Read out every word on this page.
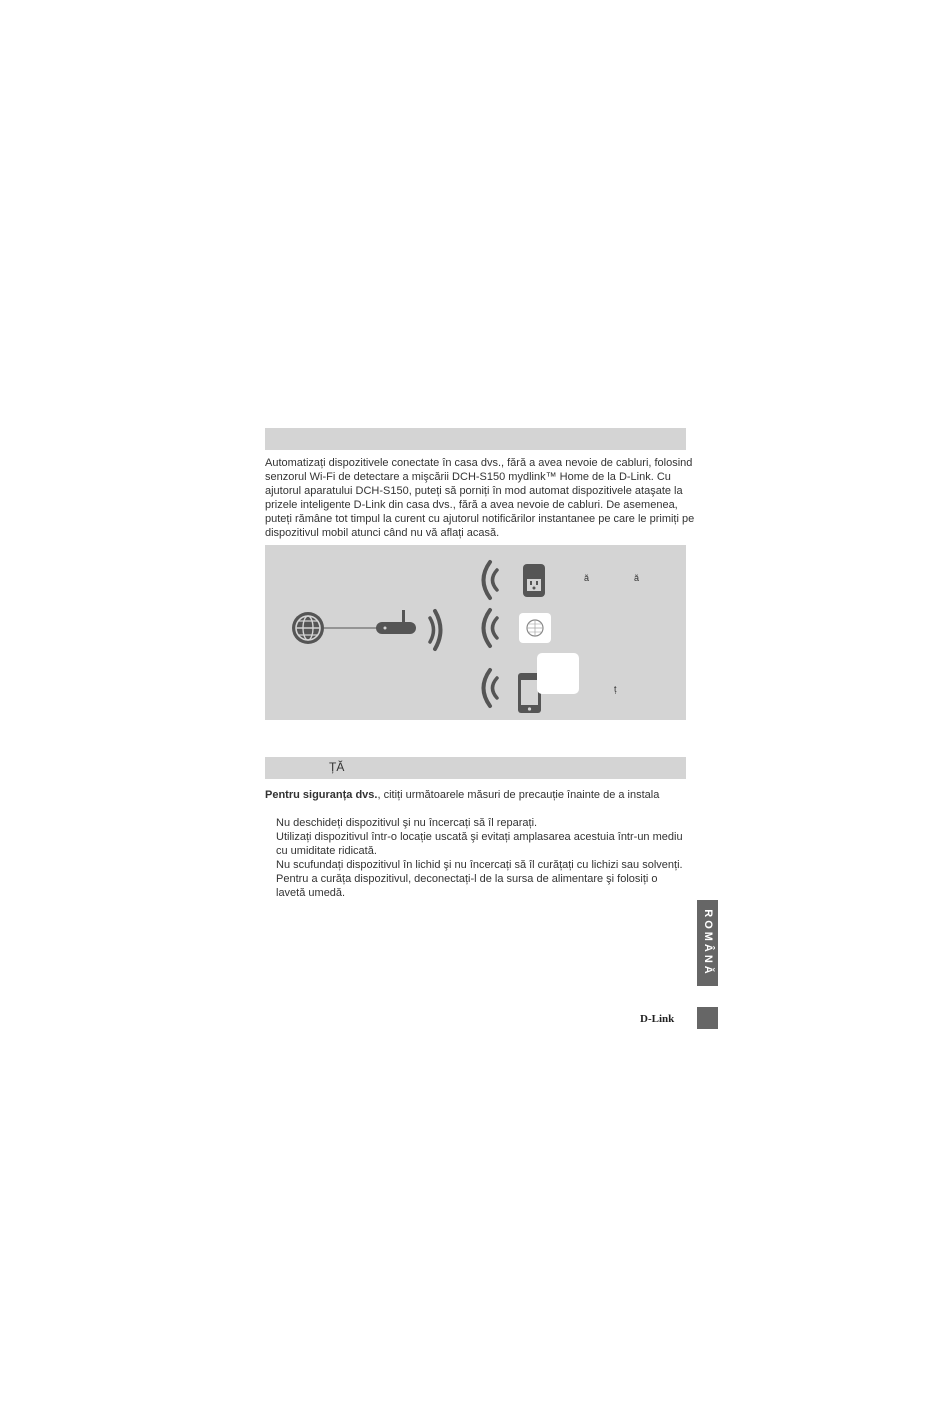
Automatizați dispozitivele conectate în casa dvs., fără a avea nevoie de cabluri, folosind senzorul Wi-Fi de detectare a mişcării DCH-S150 mydlink™ Home de la D-Link. Cu ajutorul aparatului DCH-S150, puteți să porniți în mod automat dispozitivele ataşate la prizele inteligente D-Link din casa dvs., fără a avea nevoie de cabluri. De asemenea, puteți rămâne tot timpul la curent cu ajutorul notificărilor instantanee pe care le primiți pe dispozitivul mobil atunci când nu vă aflați acasă.

ă	ă
ț
ȚĂ

Pentru siguranța dvs., citiți următoarele măsuri de precauție înainte de a instala

Nu deschideți dispozitivul şi nu încercați să îl reparați.
Utilizați dispozitivul într-o locație uscată şi evitați amplasarea acestuia într-un mediu cu umiditate ridicată.
Nu scufundați dispozitivul în lichid şi nu încercați să îl curățați cu lichizi sau solvenți. Pentru a curăța dispozitivul, deconectați-l de la sursa de alimentare şi folosiți o lavetă umedă.
ROMÂNĂ
D-Link
